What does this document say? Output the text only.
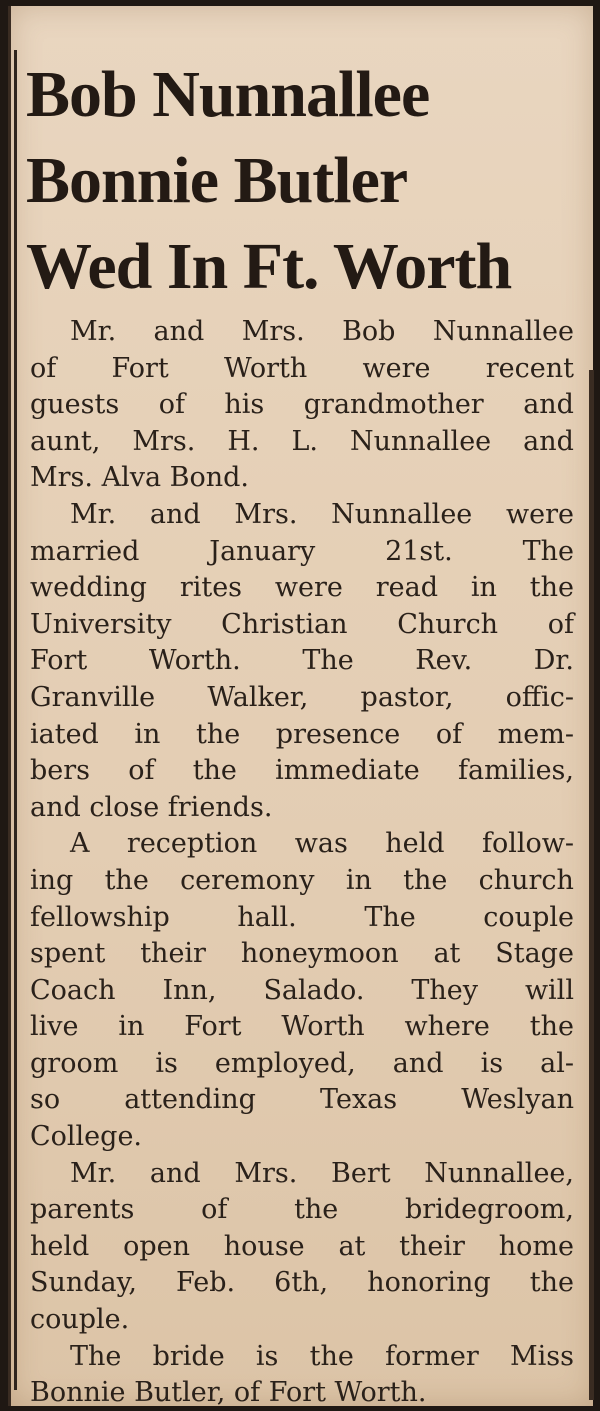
Bob Nunnallee
Bonnie Butler
Wed In Ft. Worth
Mr. and Mrs. Bob Nunnallee
of Fort Worth were recent
guests of his grandmother and
aunt, Mrs. H. L. Nunnallee and
Mrs. Alva Bond.
Mr. and Mrs. Nunnallee were
married	January	21st.	The
wedding rites were read in the
University Christian Church of
Fort Worth. The Rev. Dr.
Granville Walker, pastor, offic-
iated in the presence of mem-
bers of the immediate families,
and close friends.
A reception was held follow-
ing the ceremony in the church
fellowship	hall.	The	couple
spent their honeymoon at Stage
Coach Inn, Salado. They will
live in Fort Worth where the
groom is employed, and is al-
so attending Texas Weslyan
College.
Mr. and Mrs. Bert Nunnallee,
parents of the bridegroom,
held open house at their home
Sunday, Feb. 6th, honoring the
couple.
The bride is the former Miss
Bonnie Butler, of Fort Worth.
